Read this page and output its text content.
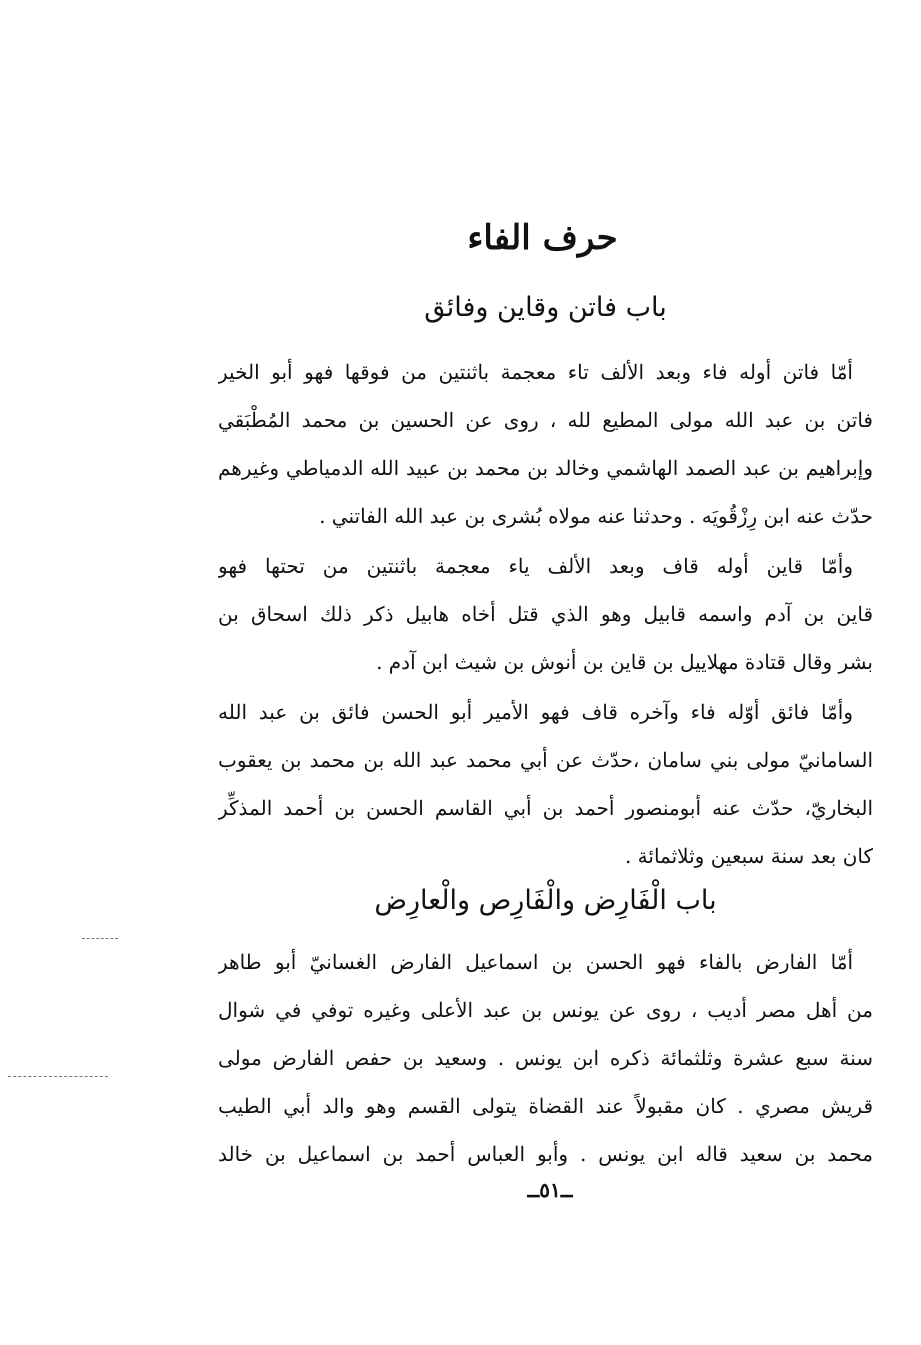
حرف الفاء
باب فاتن وقاين وفائق
أمّا فاتن أوله فاء وبعد الألف تاء معجمة باثنتين من فوقها فهو أبو الخير
فاتن بن عبد الله مولى المطيع لله ، روى عن الحسين بن محمد المُطْبَقي
وإبراهيم بن عبد الصمد الهاشمي وخالد بن محمد بن عبيد الله الدمياطي وغيرهم
حدّث عنه ابن رِزْقُويَه . وحدثنا عنه مولاه بُشرى بن عبد الله الفاتني .
وأمّا قاين أوله قاف وبعد الألف ياء معجمة باثنتين من تحتها فهو
قاين بن آدم واسمه قابيل وهو الذي قتل أخاه هابيل ذكر ذلك اسحاق بن
بشر وقال قتادة مهلاييل بن قاين بن أنوش بن شيث ابن آدم .
وأمّا فائق أوّله فاء وآخره قاف فهو الأمير أبو الحسن فائق بن عبد الله
السامانيّ مولى بني سامان ،حدّث عن أبي محمد عبد الله بن محمد بن يعقوب
البخاريّ، حدّث عنه أبومنصور أحمد بن أبي القاسم الحسن بن أحمد المذكِّر
كان بعد سنة سبعين وثلاثمائة .
باب الْفَارِض والْفَارِص والْعارِض
أمّا الفارض بالفاء فهو الحسن بن اسماعيل الفارض الغسانيّ أبو طاهر
من أهل مصر أديب ، روى عن يونس بن عبد الأعلى وغيره توفي في شوال
سنة سبع عشرة وثلثمائة ذكره ابن يونس . وسعيد بن حفص الفارض مولى
قريش مصري . كان مقبولاً عند القضاة يتولى القسم وهو والد أبي الطيب
محمد بن سعيد قاله ابن يونس . وأبو العباس أحمد بن اسماعيل بن خالد
ــ٥١ــ
